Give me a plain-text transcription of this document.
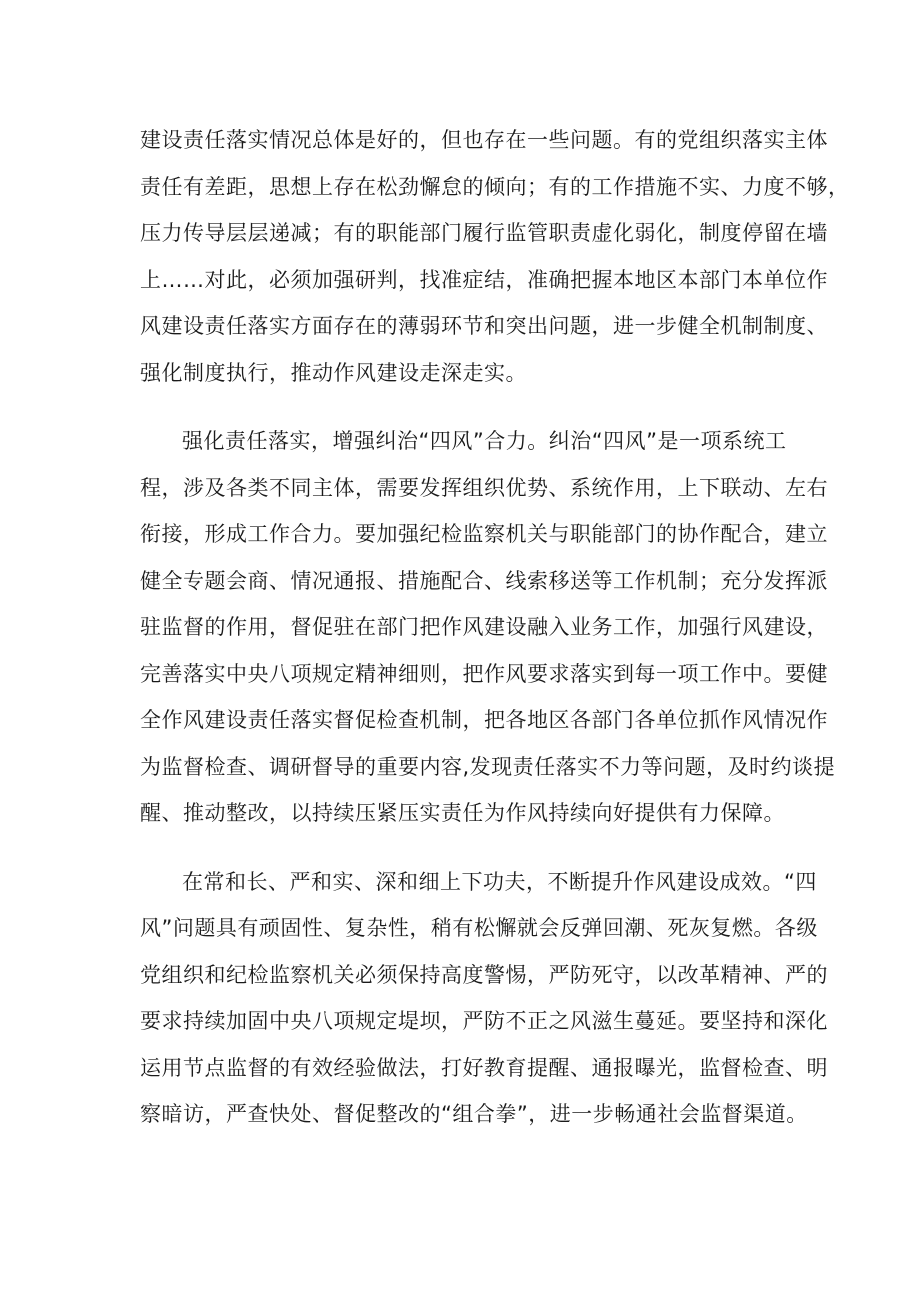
建设责任落实情况总体是好的，但也存在一些问题。有的党组织落实主体
责任有差距，思想上存在松劲懈怠的倾向；有的工作措施不实、力度不够，
压力传导层层递减；有的职能部门履行监管职责虚化弱化，制度停留在墙
上……对此，必须加强研判，找准症结，准确把握本地区本部门本单位作
风建设责任落实方面存在的薄弱环节和突出问题，进一步健全机制制度、
强化制度执行，推动作风建设走深走实。
强化责任落实，增强纠治“四风”合力。纠治“四风”是一项系统工
程，涉及各类不同主体，需要发挥组织优势、系统作用，上下联动、左右
衔接，形成工作合力。要加强纪检监察机关与职能部门的协作配合，建立
健全专题会商、情况通报、措施配合、线索移送等工作机制；充分发挥派
驻监督的作用，督促驻在部门把作风建设融入业务工作，加强行风建设，
完善落实中央八项规定精神细则，把作风要求落实到每一项工作中。要健
全作风建设责任落实督促检查机制，把各地区各部门各单位抓作风情况作
为监督检查、调研督导的重要内容,发现责任落实不力等问题，及时约谈提
醒、推动整改，以持续压紧压实责任为作风持续向好提供有力保障。
在常和长、严和实、深和细上下功夫，不断提升作风建设成效。“四
风”问题具有顽固性、复杂性，稍有松懈就会反弹回潮、死灰复燃。各级
党组织和纪检监察机关必须保持高度警惕，严防死守，以改革精神、严的
要求持续加固中央八项规定堤坝，严防不正之风滋生蔓延。要坚持和深化
运用节点监督的有效经验做法，打好教育提醒、通报曝光，监督检查、明
察暗访，严查快处、督促整改的“组合拳”，进一步畅通社会监督渠道。
